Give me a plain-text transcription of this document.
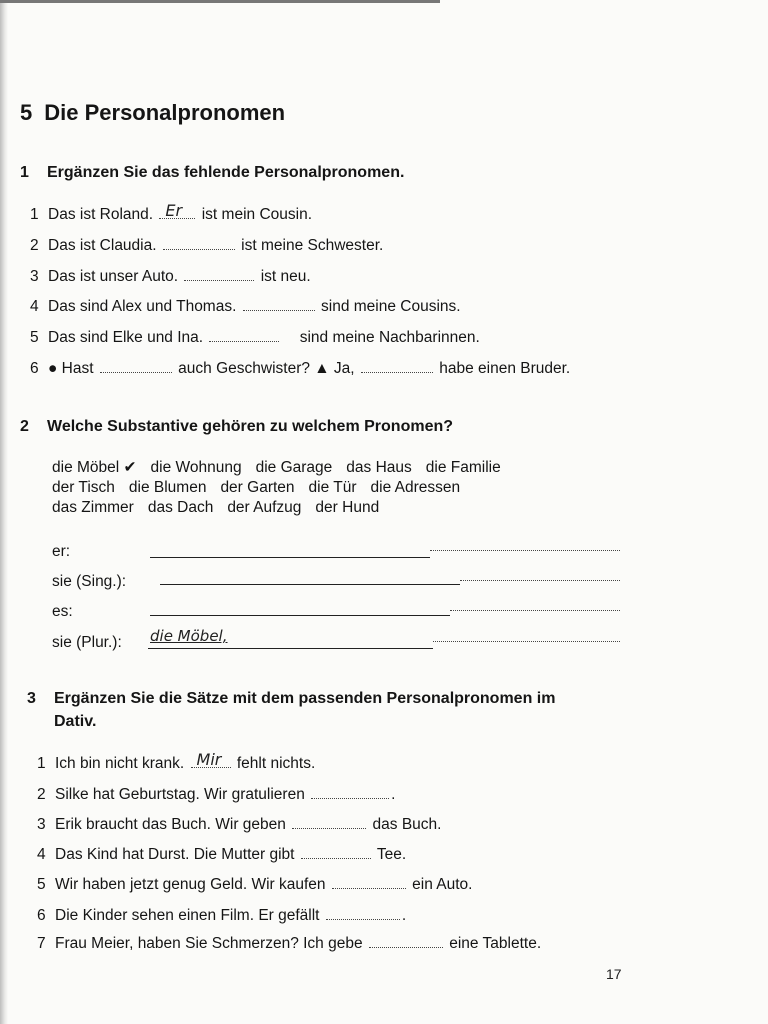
5 Die Personalpronomen
1 Ergänzen Sie das fehlende Personalpronomen.
1 Das ist Roland. Er ist mein Cousin.
2 Das ist Claudia.	ist meine Schwester.
3 Das ist unser Auto.	ist neu.
4 Das sind Alex und Thomas.	sind meine Cousins.
5 Das sind Elke und Ina.	sind meine Nachbarinnen.
6 ● Hast	auch Geschwister? ▲ Ja,	habe einen Bruder.
2 Welche Substantive gehören zu welchem Pronomen?
die Möbel ✔ die Wohnung die Garage das Haus die Familie
der Tisch die Blumen der Garten die Tür die Adressen
das Zimmer das Dach der Aufzug der Hund
er:
sie (Sing.):
es:
sie (Plur.): die Möbel,
3 Ergänzen Sie die Sätze mit dem passenden Personalpronomen im
Dativ.
1 Ich bin nicht krank. Mir fehlt nichts.
2 Silke hat Geburtstag. Wir gratulieren	.
3 Erik braucht das Buch. Wir geben	das Buch.
4 Das Kind hat Durst. Die Mutter gibt	Tee.
5 Wir haben jetzt genug Geld. Wir kaufen	ein Auto.
6 Die Kinder sehen einen Film. Er gefällt	.
7 Frau Meier, haben Sie Schmerzen? Ich gebe	eine Tablette.
17
